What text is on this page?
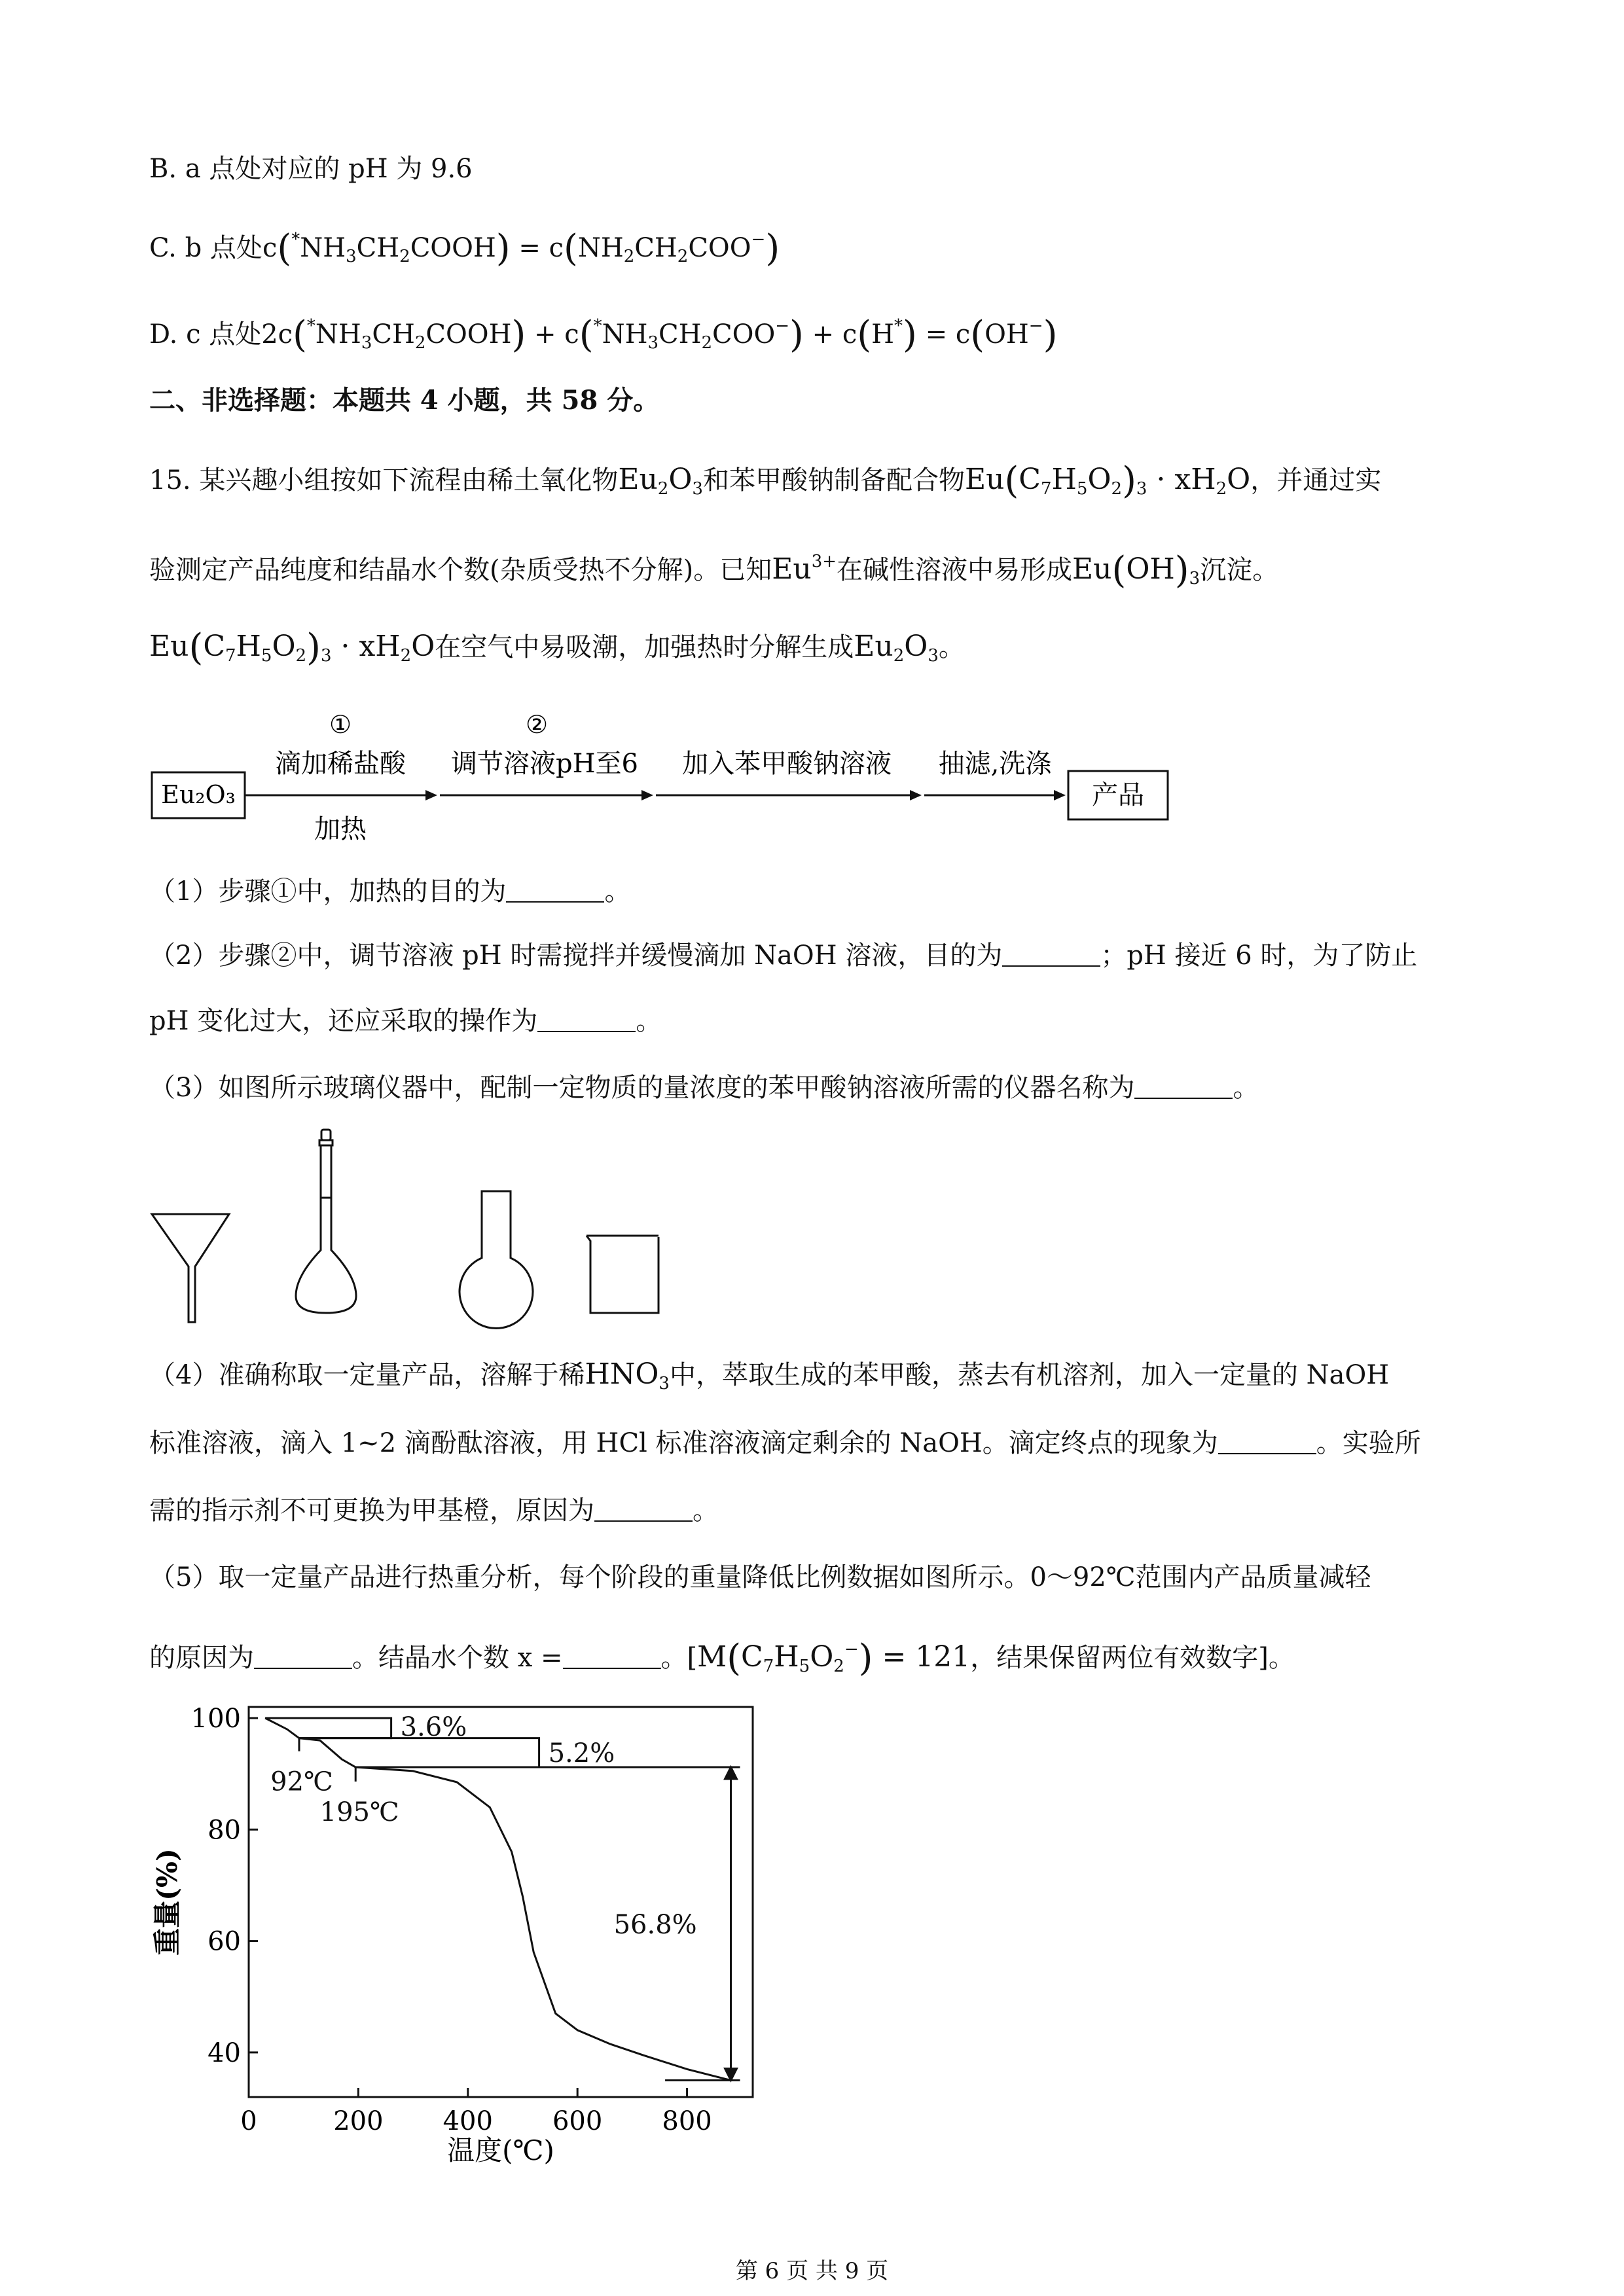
B. a 点处对应的 pH 为 9.6
C. b 点处$c(^*NH_3CH_2COOH) = c(NH_2CH_2COO^-)$
D. c 点处$2c(^*NH_3CH_2COOH) + c(^*NH_3CH_2COO^-) + c(H^*) = c(OH^-)$
二、非选择题：本题共 4 小题，共 58 分。
15. 某兴趣小组按如下流程由稀土氧化物$Eu_2O_3$和苯甲酸钠制备配合物$Eu(C_7H_5O_2)_3 \cdot xH_2O$，并通过实
验测定产品纯度和结晶水个数(杂质受热不分解)。已知$Eu^{3+}$在碱性溶液中易形成$Eu(OH)_3$沉淀。
$Eu(C_7H_5O_2)_3 \cdot xH_2O$在空气中易吸潮，加强热时分解生成$Eu_2O_3$。
Eu₂O₃
①
滴加稀盐酸
加热
②
调节溶液pH至6 加入苯甲酸钠溶液 抽滤,洗涤
产品
（1）步骤①中，加热的目的为	。
（2）步骤②中，调节溶液 pH 时需搅拌并缓慢滴加 NaOH 溶液，目的为	；pH 接近 6 时，为了防止
pH 变化过大，还应采取的操作为	。
（3）如图所示玻璃仪器中，配制一定物质的量浓度的苯甲酸钠溶液所需的仪器名称为	。
（4）准确称取一定量产品，溶解于稀$HNO_3$中，萃取生成的苯甲酸，蒸去有机溶剂，加入一定量的 NaOH
标准溶液，滴入 1~2 滴酚酞溶液，用 HCl 标准溶液滴定剩余的 NaOH。滴定终点的现象为	。实验所
需的指示剂不可更换为甲基橙，原因为	。
（5）取一定量产品进行热重分析，每个阶段的重量降低比例数据如图所示。0～92℃范围内产品质量减轻
的原因为	。结晶水个数 x =	。[$M(C_7H_5O_2^-) = 121$，结果保留两位有效数字]。
0	200 400 600 800
40
60
80
100	3.6%
5.2%
92℃
195℃
56.8%
温度(℃)
重量(%)
第 6 页 共 9 页
